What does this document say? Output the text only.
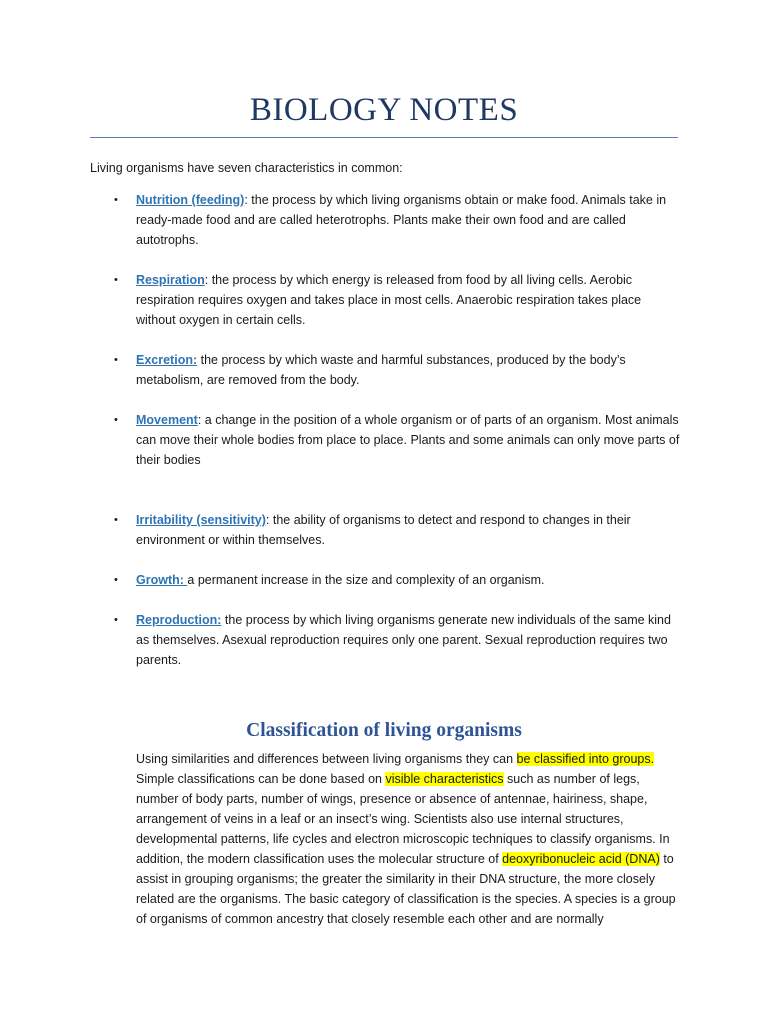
BIOLOGY NOTES
Living organisms have seven characteristics in common:
• Nutrition (feeding): the process by which living organisms obtain or make food. Animals take in ready-made food and are called heterotrophs. Plants make their own food and are called autotrophs.
• Respiration: the process by which energy is released from food by all living cells. Aerobic respiration requires oxygen and takes place in most cells. Anaerobic respiration takes place without oxygen in certain cells.
• Excretion: the process by which waste and harmful substances, produced by the body’s metabolism, are removed from the body.
• Movement: a change in the position of a whole organism or of parts of an organism. Most animals can move their whole bodies from place to place. Plants and some animals can only move parts of their bodies
• Irritability (sensitivity): the ability of organisms to detect and respond to changes in their environment or within themselves.
• Growth: a permanent increase in the size and complexity of an organism.
• Reproduction: the process by which living organisms generate new individuals of the same kind as themselves. Asexual reproduction requires only one parent. Sexual reproduction requires two parents.
Classification of living organisms
Using similarities and differences between living organisms they can be classified into groups. Simple classifications can be done based on visible characteristics such as number of legs, number of body parts, number of wings, presence or absence of antennae, hairiness, shape, arrangement of veins in a leaf or an insect’s wing. Scientists also use internal structures, developmental patterns, life cycles and electron microscopic techniques to classify organisms. In addition, the modern classification uses the molecular structure of deoxyribonucleic acid (DNA) to assist in grouping organisms; the greater the similarity in their DNA structure, the more closely related are the organisms. The basic category of classification is the species. A species is a group of organisms of common ancestry that closely resemble each other and are normally
